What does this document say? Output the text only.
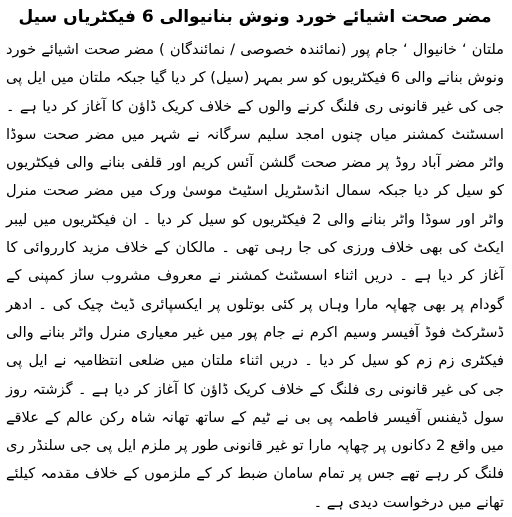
مضر صحت اشیائے خورد ونوش بنانیوالی 6 فیکٹریاں سیل

ملتان ‘ خانیوال ‘ جام پور (نمائندہ خصوصی / نمائندگان ) مضر صحت اشیائے خورد ونوش بنانے والی 6 فیکٹریوں کو سر بمہر (سیل) کر دیا گیا جبکہ ملتان میں ایل پی جی کی غیر قانونی ری فلنگ کرنے والوں کے خلاف کریک ڈاؤن کا آغاز کر دیا ہے ۔ اسسٹنٹ کمشنر میاں چنوں امجد سلیم سرگانہ نے شہر میں مضر صحت سوڈا واٹر مضر آباد روڈ پر مضر صحت گلشن آئس کریم اور قلفی بنانے والی فیکٹریوں کو سیل کر دیا جبکہ سمال انڈسٹریل اسٹیٹ موسیٰ ورک میں مضر صحت منرل واٹر اور سوڈا واٹر بنانے والی 2 فیکٹریوں کو سیل کر دیا ۔ ان فیکٹریوں میں لیبر ایکٹ کی بھی خلاف ورزی کی جا رہی تھی ۔ مالکان کے خلاف مزید کارروائی کا آغاز کر دیا ہے ۔ دریں اثناء اسسٹنٹ کمشنر نے معروف مشروب ساز کمپنی کے گودام پر بھی چھاپہ مارا وہاں پر کئی بوتلوں پر ایکسپائری ڈیٹ چیک کی ۔ ادھر ڈسٹرکٹ فوڈ آفیسر وسیم اکرم نے جام پور میں غیر معیاری منرل واٹر بنانے والی فیکٹری زم زم کو سیل کر دیا ۔ دریں اثناء ملتان میں ضلعی انتظامیہ نے ایل پی جی کی غیر قانونی ری فلنگ کے خلاف کریک ڈاؤن کا آغاز کر دیا ہے ۔ گزشتہ روز سول ڈیفنس آفیسر فاطمہ پی بی نے ٹیم کے ساتھ تھانہ شاہ رکن عالم کے علاقے میں واقع 2 دکانوں پر چھاپہ مارا تو غیر قانونی طور پر ملزم ایل پی جی سلنڈر ری فلنگ کر رہے تھے جس پر تمام سامان ضبط کر کے ملزموں کے خلاف مقدمہ کیلئے تھانے میں درخواست دیدی ہے ۔
